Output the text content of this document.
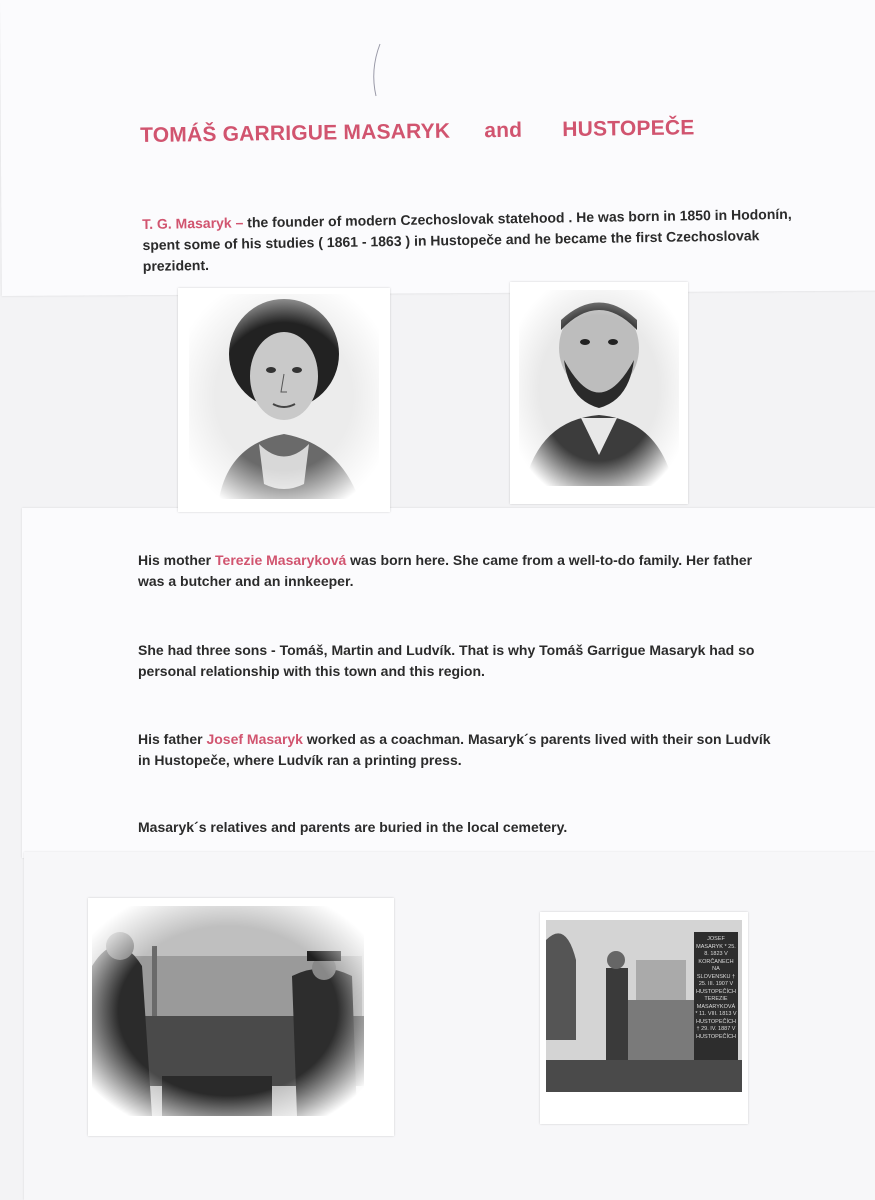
TOMÁŠ GARRIGUE MASARYK and HUSTOPEČE

T. G. Masaryk – the founder of modern Czechoslovak statehood . He was born in 1850 in Hodonín, spent some of his studies ( 1861 - 1863 ) in Hustopeče and he became the first Czechoslovak prezident.

His mother Terezie Masaryková was born here. She came from a well-to-do family. Her father was a butcher and an innkeeper.

She had three sons - Tomáš, Martin and Ludvík. That is why Tomáš Garrigue Masaryk had so personal relationship with this town and this region.

His father Josef Masaryk worked as a coachman. Masaryk´s parents lived with their son Ludvík in Hustopeče, where Ludvík ran a printing press.

Masaryk´s relatives and parents are buried in the local cemetery.

JOSEF MASARYK * 25. 8. 1823 V KORČANECH NA SLOVENSKU † 25. III. 1907 V HUSTOPEČÍCH TEREZIE MASARYKOVÁ * 11. VIII. 1813 V HUSTOPEČÍCH † 29. IV. 1887 V HUSTOPEČÍCH
